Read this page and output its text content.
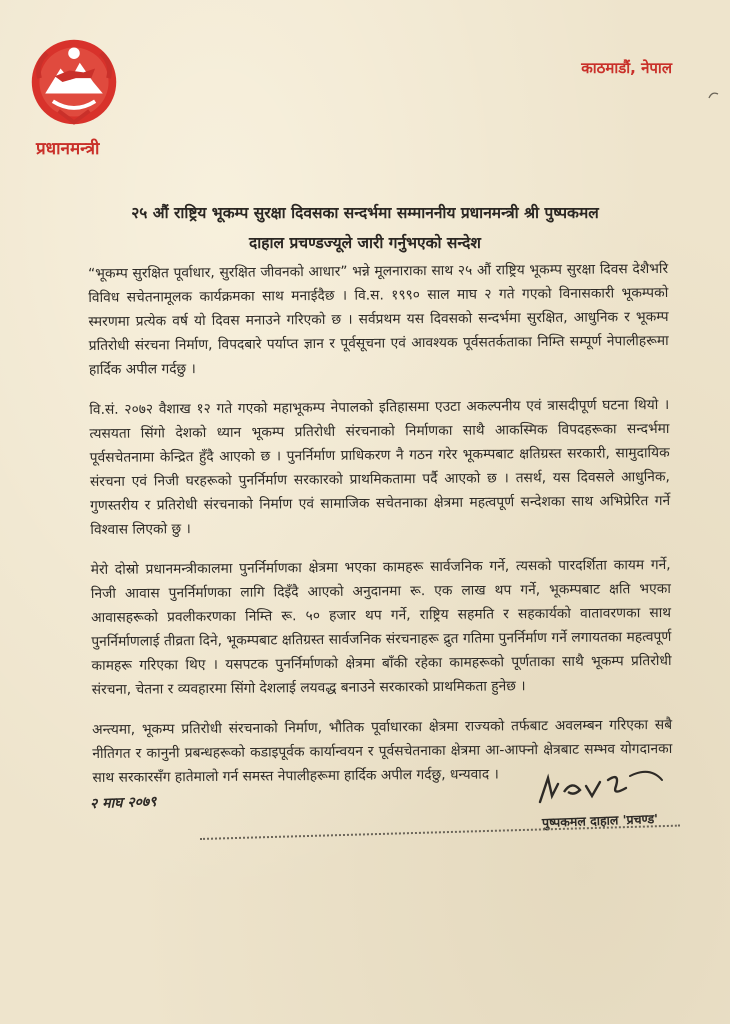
प्रधानमन्त्री
काठमाडौं, नेपाल
२५ औं राष्ट्रिय भूकम्प सुरक्षा दिवसका सन्दर्भमा सम्माननीय प्रधानमन्त्री श्री पुष्पकमल
दाहाल प्रचण्डज्यूले जारी गर्नुभएको सन्देश

“भूकम्प सुरक्षित पूर्वाधार, सुरक्षित जीवनको आधार” भन्ने मूलनाराका साथ २५ औं राष्ट्रिय भूकम्प सुरक्षा दिवस देशैभरि विविध सचेतनामूलक कार्यक्रमका साथ मनाईदैछ । वि.स. १९९० साल माघ २ गते गएको विनासकारी भूकम्पको स्मरणमा प्रत्येक वर्ष यो दिवस मनाउने गरिएको छ । सर्वप्रथम यस दिवसको सन्दर्भमा सुरक्षित, आधुनिक र भूकम्प प्रतिरोधी संरचना निर्माण, विपदबारे पर्याप्त ज्ञान र पूर्वसूचना एवं आवश्यक पूर्वसतर्कताका निम्ति सम्पूर्ण नेपालीहरूमा हार्दिक अपील गर्दछु ।

वि.सं. २०७२ वैशाख १२ गते गएको महाभूकम्प नेपालको इतिहासमा एउटा अकल्पनीय एवं त्रासदीपूर्ण घटना थियो । त्यसयता सिंगो देशको ध्यान भूकम्प प्रतिरोधी संरचनाको निर्माणका साथै आकस्मिक विपदहरूका सन्दर्भमा पूर्वसचेतनामा केन्द्रित हुँदै आएको छ । पुनर्निर्माण प्राधिकरण नै गठन गरेर भूकम्पबाट क्षतिग्रस्त सरकारी, सामुदायिक संरचना एवं निजी घरहरूको पुनर्निर्माण सरकारको प्राथमिकतामा पर्दै आएको छ । तसर्थ, यस दिवसले आधुनिक, गुणस्तरीय र प्रतिरोधी संरचनाको निर्माण एवं सामाजिक सचेतनाका क्षेत्रमा महत्वपूर्ण सन्देशका साथ अभिप्रेरित गर्ने विश्वास लिएको छु ।

मेरो दोस्रो प्रधानमन्त्रीकालमा पुनर्निर्माणका क्षेत्रमा भएका कामहरू सार्वजनिक गर्ने, त्यसको पारदर्शिता कायम गर्ने, निजी आवास पुनर्निर्माणका लागि दिइँदै आएको अनुदानमा रू. एक लाख थप गर्ने, भूकम्पबाट क्षति भएका आवासहरूको प्रवलीकरणका निम्ति रू. ५० हजार थप गर्ने, राष्ट्रिय सहमति र सहकार्यको वातावरणका साथ पुनर्निर्माणलाई तीव्रता दिने, भूकम्पबाट क्षतिग्रस्त सार्वजनिक संरचनाहरू द्रुत गतिमा पुनर्निर्माण गर्ने लगायतका महत्वपूर्ण कामहरू गरिएका थिए । यसपटक पुनर्निर्माणको क्षेत्रमा बाँकी रहेका कामहरूको पूर्णताका साथै भूकम्प प्रतिरोधी संरचना, चेतना र व्यवहारमा सिंगो देशलाई लयवद्ध बनाउने सरकारको प्राथमिकता हुनेछ ।

अन्त्यमा, भूकम्प प्रतिरोधी संरचनाको निर्माण, भौतिक पूर्वाधारका क्षेत्रमा राज्यको तर्फबाट अवलम्बन गरिएका सबै नीतिगत र कानुनी प्रबन्धहरूको कडाइपूर्वक कार्यान्वयन र पूर्वसचेतनाका क्षेत्रमा आ-आफ्नो क्षेत्रबाट सम्भव योगदानका साथ सरकारसँग हातेमालो गर्न समस्त नेपालीहरूमा हार्दिक अपील गर्दछु, धन्यवाद ।

२ माघ २०७९
पुष्पकमल दाहाल 'प्रचण्ड'
